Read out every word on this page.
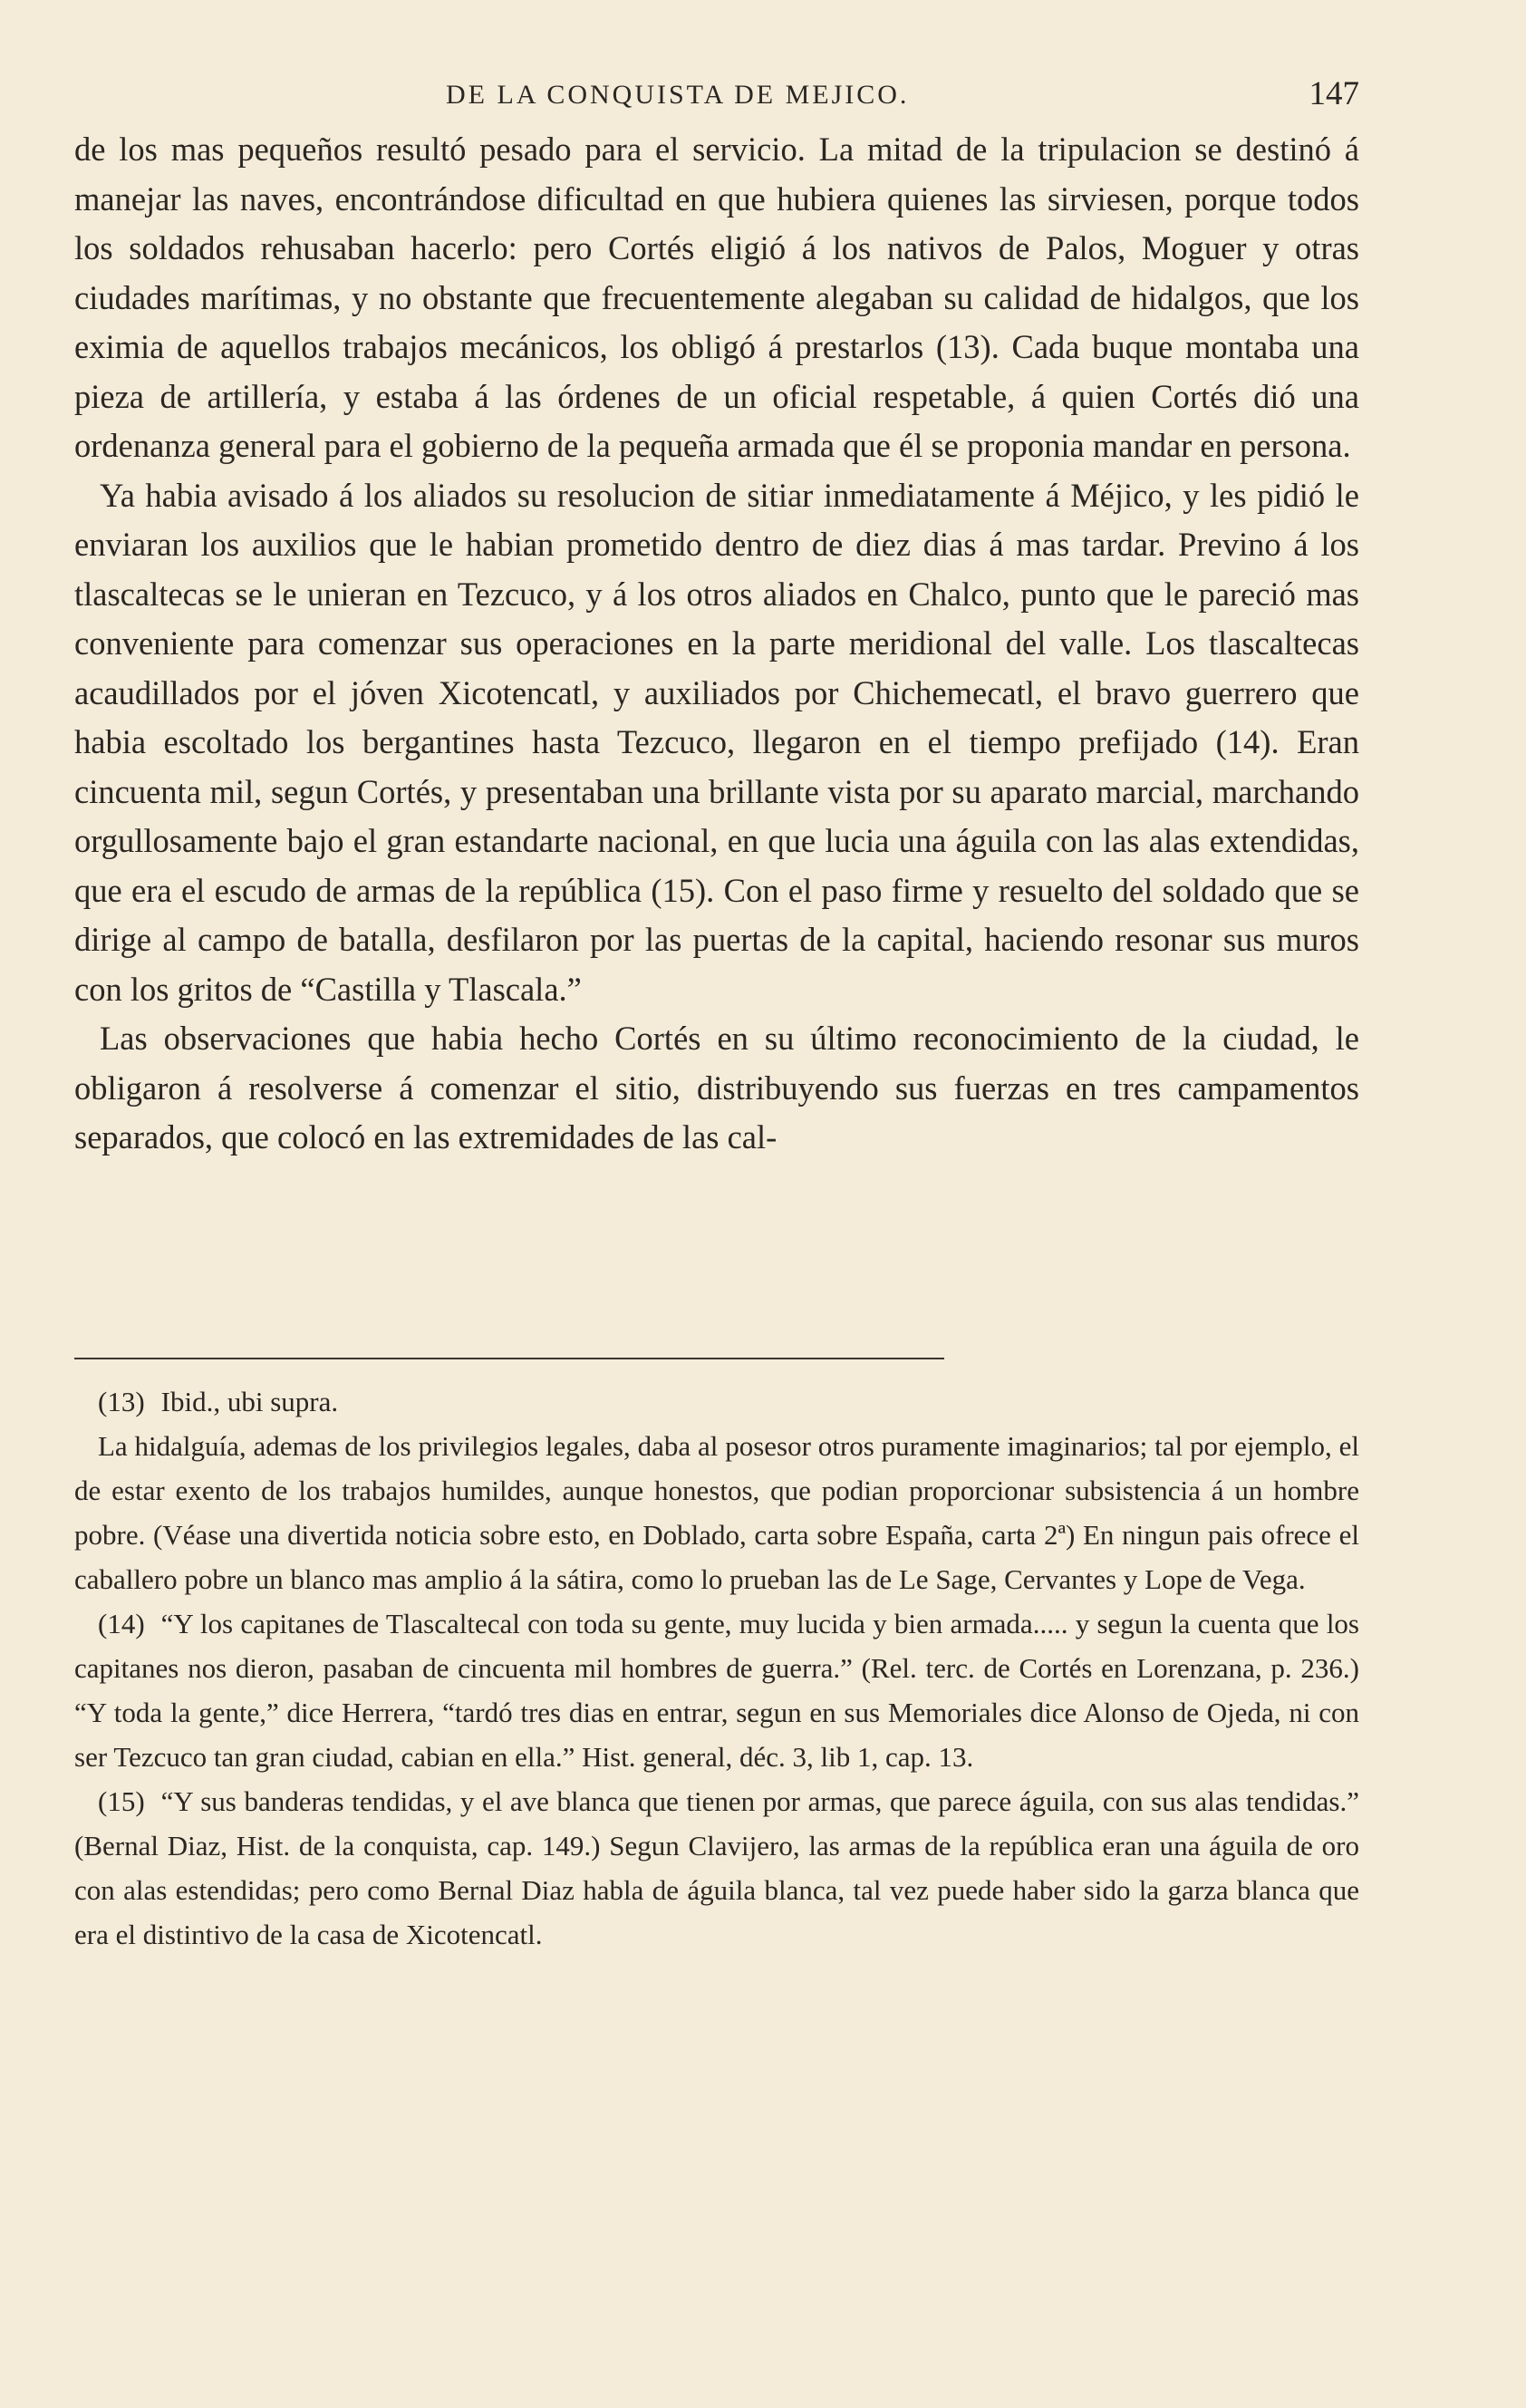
DE LA CONQUISTA DE MEJICO.	147

de los mas pequeños resultó pesado para el servicio. La mitad de la tripulacion se destinó á manejar las naves, encontrándose dificultad en que hubiera quienes las sirviesen, porque todos los soldados rehusaban hacerlo: pero Cortés eligió á los nativos de Palos, Moguer y otras ciudades marítimas, y no obstante que frecuentemente alegaban su calidad de hidalgos, que los eximia de aquellos trabajos mecánicos, los obligó á prestarlos (13). Cada buque montaba una pieza de artillería, y estaba á las órdenes de un oficial respetable, á quien Cortés dió una ordenanza general para el gobierno de la pequeña armada que él se proponia mandar en persona.

Ya habia avisado á los aliados su resolucion de sitiar inmediatamente á Méjico, y les pidió le enviaran los auxilios que le habian prometido dentro de diez dias á mas tardar. Previno á los tlascaltecas se le unieran en Tezcuco, y á los otros aliados en Chalco, punto que le pareció mas conveniente para comenzar sus operaciones en la parte meridional del valle. Los tlascaltecas acaudillados por el jóven Xicotencatl, y auxiliados por Chichemecatl, el bravo guerrero que habia escoltado los bergantines hasta Tezcuco, llegaron en el tiempo prefijado (14). Eran cincuenta mil, segun Cortés, y presentaban una brillante vista por su aparato marcial, marchando orgullosamente bajo el gran estandarte nacional, en que lucia una águila con las alas extendidas, que era el escudo de armas de la república (15). Con el paso firme y resuelto del soldado que se dirige al campo de batalla, desfilaron por las puertas de la capital, haciendo resonar sus muros con los gritos de “Castilla y Tlascala.”

Las observaciones que habia hecho Cortés en su último reconocimiento de la ciudad, le obligaron á resolverse á comenzar el sitio, distribuyendo sus fuerzas en tres campamentos separados, que colocó en las extremidades de las cal-

(13) Ibid., ubi supra.

La hidalguía, ademas de los privilegios legales, daba al posesor otros puramente imaginarios; tal por ejemplo, el de estar exento de los trabajos humildes, aunque honestos, que podian proporcionar subsistencia á un hombre pobre. (Véase una divertida noticia sobre esto, en Doblado, carta sobre España, carta 2ª) En ningun pais ofrece el caballero pobre un blanco mas amplio á la sátira, como lo prueban las de Le Sage, Cervantes y Lope de Vega.

(14) “Y los capitanes de Tlascaltecal con toda su gente, muy lucida y bien armada..... y segun la cuenta que los capitanes nos dieron, pasaban de cincuenta mil hombres de guerra.” (Rel. terc. de Cortés en Lorenzana, p. 236.) “Y toda la gente,” dice Herrera, “tardó tres dias en entrar, segun en sus Memoriales dice Alonso de Ojeda, ni con ser Tezcuco tan gran ciudad, cabian en ella.” Hist. general, déc. 3, lib 1, cap. 13.

(15) “Y sus banderas tendidas, y el ave blanca que tienen por armas, que parece águila, con sus alas tendidas.” (Bernal Diaz, Hist. de la conquista, cap. 149.) Segun Clavijero, las armas de la república eran una águila de oro con alas estendidas; pero como Bernal Diaz habla de águila blanca, tal vez puede haber sido la garza blanca que era el distintivo de la casa de Xicotencatl.
